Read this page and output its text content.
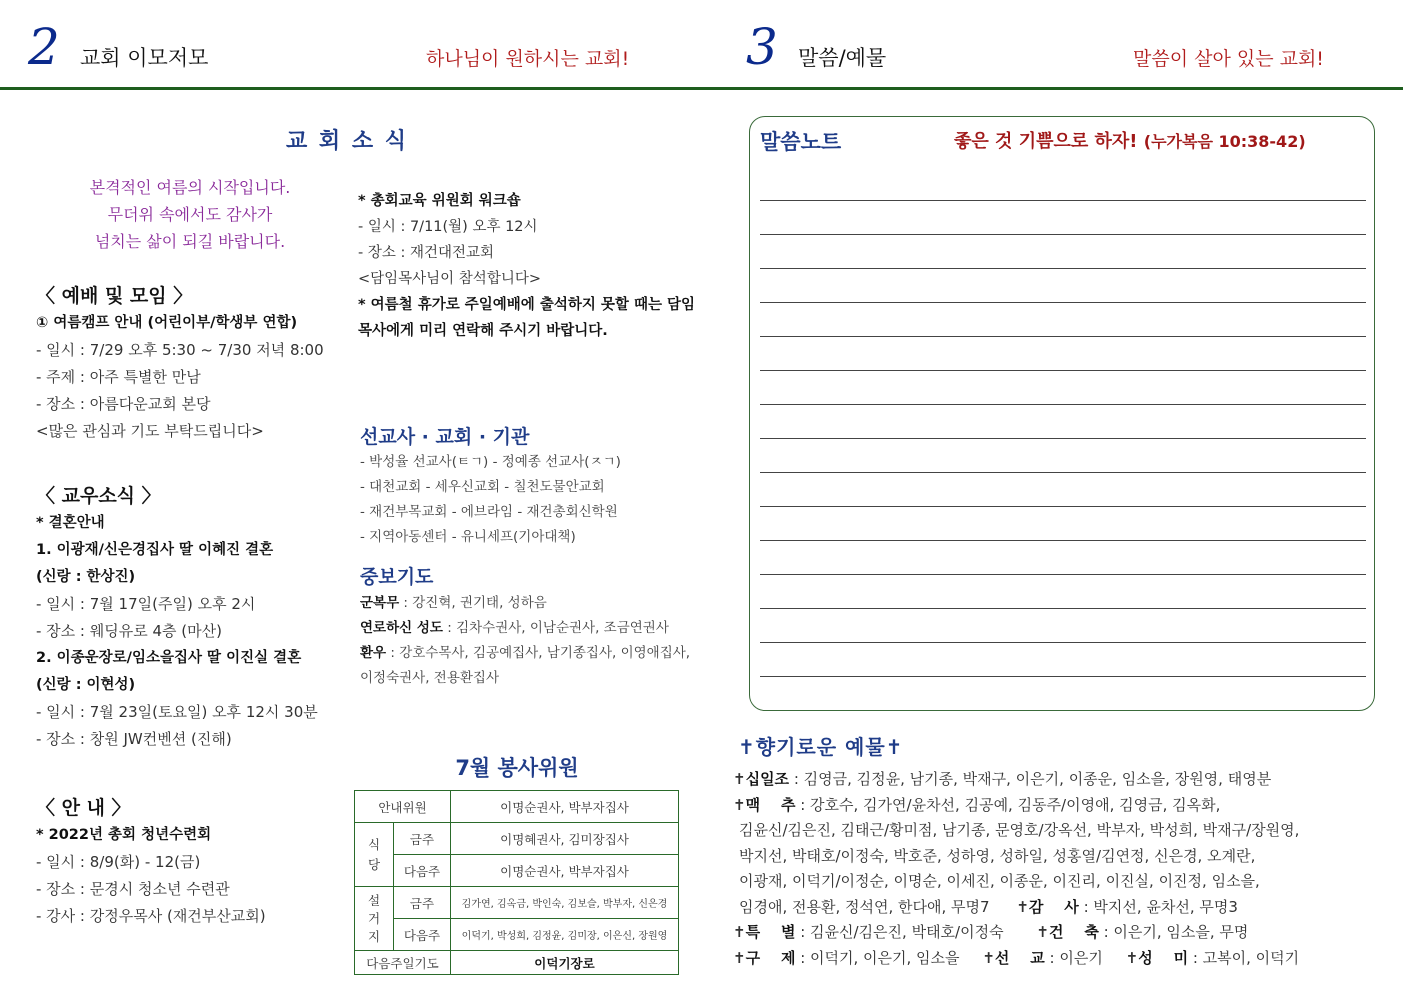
2 교회 이모저모	하나님이 원하시는 교회! 3 말씀/예물	말씀이 살아 있는 교회!
교 회 소 식
본격적인 여름의 시작입니다.
무더위 속에서도 감사가
넘치는 삶이 되길 바랍니다.
〈 예배 및 모임 〉
① 여름캠프 안내 (어린이부/학생부 연합)
- 일시 : 7/29 오후 5:30 ~ 7/30 저녁 8:00
- 주제 : 아주 특별한 만남
- 장소 : 아름다운교회 본당
<많은 관심과 기도 부탁드립니다>
〈 교우소식 〉
* 결혼안내
1. 이광재/신은경집사 딸 이혜진 결혼
(신랑 : 한상진)
- 일시 : 7월 17일(주일) 오후 2시
- 장소 : 웨딩유로 4층 (마산)
2. 이종운장로/임소을집사 딸 이진실 결혼
(신랑 : 이현성)
- 일시 : 7월 23일(토요일) 오후 12시 30분
- 장소 : 창원 JW컨벤션 (진해)
〈 안 내 〉
* 2022년 총회 청년수련회
- 일시 : 8/9(화) - 12(금)
- 장소 : 문경시 청소년 수련관
- 강사 : 강정우목사 (재건부산교회)
* 총회교육 위원회 워크숍
- 일시 : 7/11(월) 오후 12시
- 장소 : 재건대전교회
<담임목사님이 참석합니다>
* 여름철 휴가로 주일예배에 출석하지 못할 때는 담임
목사에게 미리 연락해 주시기 바랍니다.
선교사 · 교회 · 기관
- 박성율 선교사(ㅌㄱ) - 정예종 선교사(ㅈㄱ)
- 대천교회 - 세우신교회 - 칠천도물안교회
- 재건부목교회 - 에브라임 - 재건총회신학원
- 지역아동센터 - 유니세프(기아대책)
중보기도
군복무 : 강진혁, 권기태, 성하음
연로하신 성도 : 김차수권사, 이남순권사, 조금연권사
환우 : 강호수목사, 김공예집사, 남기종집사, 이영애집사,
이정숙권사, 전용환집사
7월 봉사위원
안내위원		이명순권사, 박부자집사
식
당	금주	이명혜권사, 김미장집사
	다음주	이명순권사, 박부자집사
설
거
지	금주	김가연, 김옥금, 박인숙, 김보슬, 박부자, 신은경
	다음주	이덕기, 박성희, 김정윤, 김미장, 이은신, 장원영
다음주일기도		이덕기장로
말씀노트	좋은 것 기쁨으로 하자! (누가복음 10:38-42)
✝향기로운 예물✝
✝십일조 : 김영금, 김정윤, 남기종, 박재구, 이은기, 이종운, 임소을, 장원영, 태영분
✝맥    추 : 강호수, 김가연/윤차선, 김공예, 김동주/이영애, 김영금, 김옥화,
김윤신/김은진, 김태근/황미점, 남기종, 문영호/강옥선, 박부자, 박성희, 박재구/장원영,
박지선, 박태호/이정숙, 박호준, 성하영, 성하일, 성홍열/김연정, 신은경, 오계란,
이광재, 이덕기/이정순, 이명순, 이세진, 이종운, 이진리, 이진실, 이진정, 임소을,
임경애, 전용환, 정석연, 한다애, 무명7 ✝감    사 : 박지선, 윤차선, 무명3
✝특    별 : 김윤신/김은진, 박태호/이정숙 ✝건    축 : 이은기, 임소을, 무명
✝구    제 : 이덕기, 이은기, 임소을 ✝선    교 : 이은기 ✝성    미 : 고복이, 이덕기
